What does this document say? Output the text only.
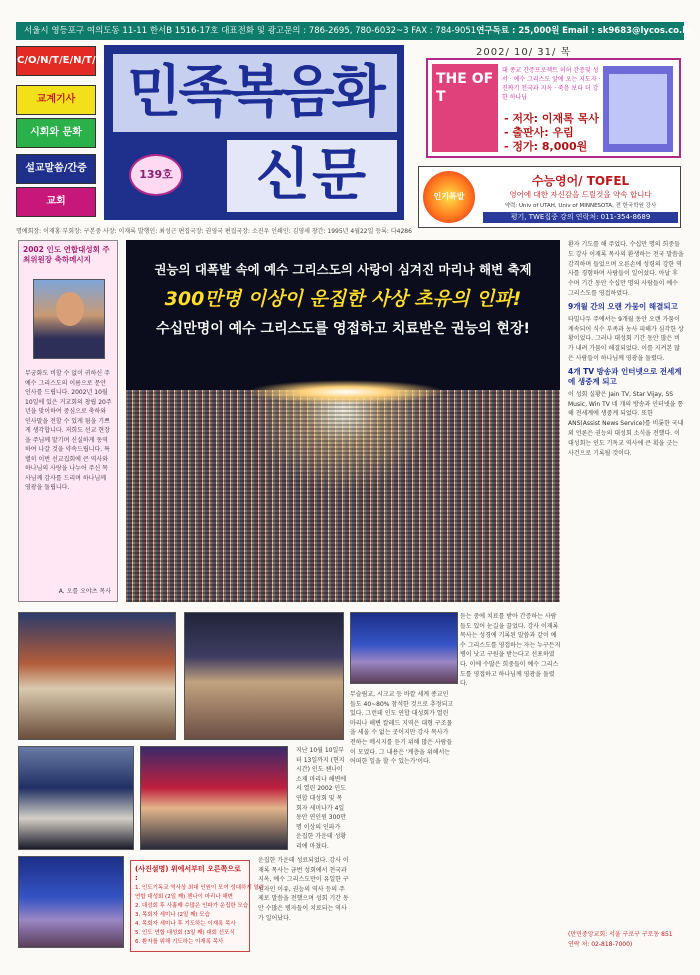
서울시 영등포구 여의도동 11-11 한서B 1516-17호 대표전화 및 광고문의 : 786-2695, 780-6032~3 FAX : 784-9051 연구독료 : 25,000원 Email : sk9683@lycos.co.kr
C/O/N/T/E/N/T/S
교계기사
시회와 문화
설교말씀/간증
교회
민족복음화
신문
139호
2002/ 10/ 31/ 목
THE OF T
대 종교 간증프로젝트 허허 간증및 성서 · 예수 그리스도 앞에 오는 지도자 · 진짜기 천국과 지옥 · 죽음 보다 더 강한 하나님
- 저자: 이재록 목사
- 출판사: 우림
- 정가: 8,000원
인기폭발
수능영어/ TOFEL
영어에 대한 자신감을 드릴것을 약속 합니다
약력: Univ of UTAH, Univ of MINNESOTA, 전 한국학원 강사
평기, TWE집중 강의 연락처: 011-354-8689
명예회장: 이재홍 부회장: 구본중 사장: 이재록 발행인: 최성근 편집국장: 권영국 편집국장: 소진우 인쇄인: 김영세 창간: 1995년 4월22일 등록: 다4286
2002 인도 연합대성회 주최위원장 축하메시지
무궁화도 비할 수 없이 귀하신 주 예수 그리스도의 이름으로 문안 인사를 드립니다. 2002년 10월 10일에 있은 거교회의 창립 20주년을 맞이하여 중심으로 축하와 인사말을 전할 수 있게 됨을 기쁘게 생각합니다. 저희도 선교 현장을 주님께 맡기며 신실하게 동역하여 나갈 것을 약속드립니다. 특별히 이번 선교집회에 큰 역사와 하나님의 사랑을 나누어 주신 목사님께 감사를 드리며 하나님께 영광을 돌립니다.
A. 오를 오야츠 목사
권능의 대폭발 속에 예수 그리스도의 사랑이 심겨진 마리나 해변 축제
300만명 이상이 운집한 사상 초유의 인파!
수십만명이 예수 그리스도를 영접하고 치료받은 권능의 현장!

환자 기도를 해 주었다. 수십만 명의 희중들도 강사 이재록 목사의 환생하는 천국 말씀을 감격하며 들었으며 오른손에 성령의 강한 역사를 경험하며 사람들이 일어섰다. 아날 후 수며 기간 동안 수십만 명의 사람들이 예수 그리스도를 영접하였다.

9개월 간의 오랜 가뭄이 해결되고

타밀나두 주에서는 9개월 동안 오랜 가뭄이 계속되어 식수 부족과 농사 피해가 심각한 상황이었다. 그러나 대성회 기간 동안 많은 비가 내려 가뭄이 해결되었다. 이를 지켜본 많은 사람들이 하나님께 영광을 돌렸다.

4개 TV 방송과 인터넷으로 전세계에 생중계 되고

이 성회 실황은 Jain TV, Star Vijay, SS Music, Win TV 네 개의 방송과 인터넷을 통해 전세계에 생중계 되었다. 또한 ANS(Assist News Service)를 비롯한 국내외 언론은 권능의 대성회 소식을 전했다. 이 대성회는 인도 기독교 역사에 큰 획을 긋는 사건으로 기록될 것이다.

무슬림교, 시크교 등 바깥 세계 종교인들도 40~80% 참석한 것으로 추정되고 있다. 그런데 인도 연합 대성회가 열린 마리나 해변 칼레드 지역은 대형 구조물을 세울 수 없는 곳이지만 강사 목사가 전하는 메시지를 듣기 위해 많은 사람들이 모였다. 그 내용은 '계층을 위해서는 어떠한 일을 할 수 있는가'이다.
듣는 중에 치료를 받아 간증하는 사람들도 있어 눈길을 끌었다. 강사 이재록 목사는 성경에 기록된 말씀과 같이 예수 그리스도를 영접하는 자는 누구든지 병이 낫고 구원을 받는다고 선포하였다. 이에 수많은 희중들이 예수 그리스도를 영접하고 하나님께 영광을 돌렸다.
지난 10월 10일부터 13일까지 (현지시간) 인도 첸나이 소재 마리나 해변에서 열린 2002 인도 연합 대성회 및 목회자 세미나가 4일 동안 연인원 300만명 이상의 인파가 운집한 가운데 성황리에 마쳤다.
(사진설명) 위에서부터 오른쪽으로 :
1. 인도기독교 역사상 최대 인원이 모여 성대하게 열린
연합 대성회 (2일 째) 첸나이 마리나 해변
2. 대성회 후 사흘째 수많은 인파가 운집한 모습
3. 목회자 세미나 (2일 째) 모습
4. 목회자 세미나 후 기도하는 이재록 목사
5. 인도 연합 대성회 (3일 째) 대회 선포식
6. 환자를 위해 기도하는 이재록 목사
운집한 가운데 성료되었다. 강사 이재록 목사는 금번 성회에서 천국과 지옥, 예수 그리스도만이 유일한 구원자인 이유, 권능의 역사 등의 주제로 말씀을 전했으며 성회 기간 동안 수많은 병자들이 치료되는 역사가 일어났다.
(만민중앙교회: 서울 구로구 구로동 851
연락 처: 02-818-7000)
